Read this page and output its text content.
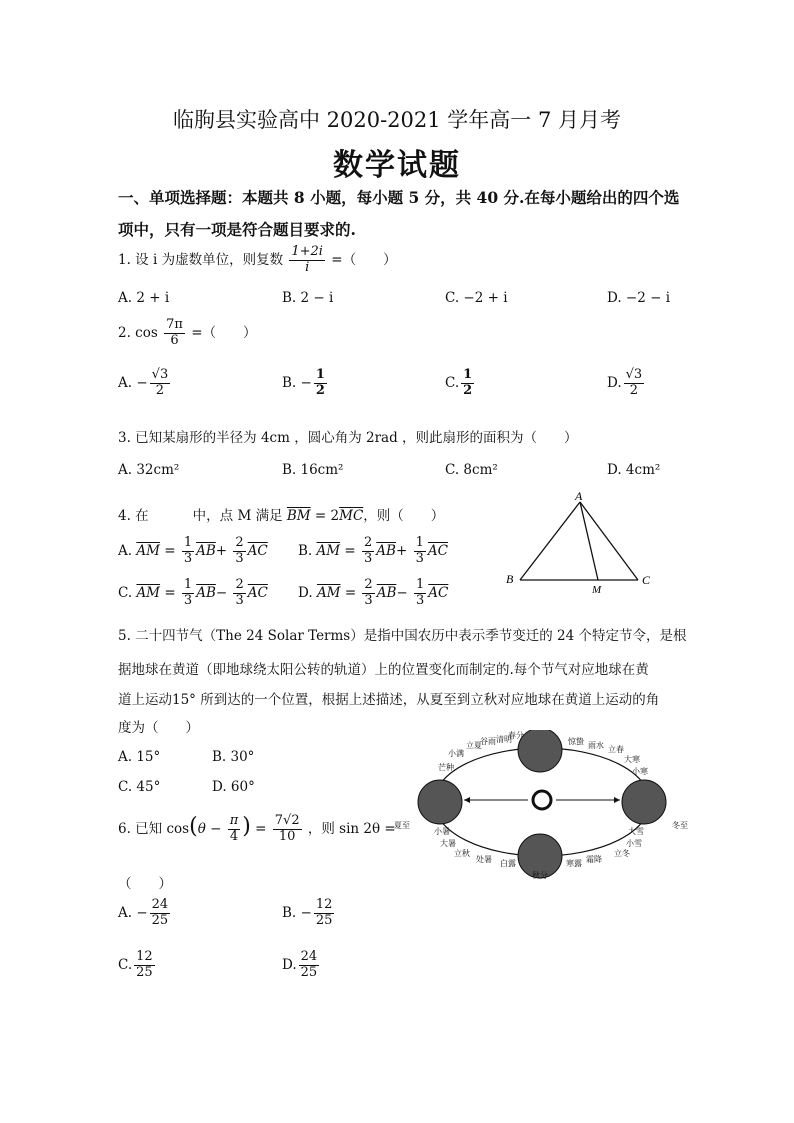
临朐县实验高中 2020-2021 学年高一 7 月月考
数学试题
一、单项选择题：本题共 8 小题，每小题 5 分，共 40 分.在每小题给出的四个选
项中，只有一项是符合题目要求的.
1. 设 i 为虚数单位，则复数 $\frac{1+2i}{i}$ =（　　）
A. 2 + i	B. 2 − i	C. −2 + i	D. −2 − i
2. $\cos \frac{7\pi}{6}$ =（　　）
A. − $\frac{√3}{2}$	B. − $\frac{1}{2}$	C. $\frac{1}{2}$	D. $\frac{√3}{2}$
3. 已知某扇形的半径为 4cm ，圆心角为 2rad ，则此扇形的面积为（　　）
A. 32cm²	B. 16cm²	C. 8cm²	D. 4cm²
4. 在	中，点 M 满足 $\overline{BM} = 2\overline{MC}$，则（　　）
A. $\overline{AM} = \frac{1}{3} \overline{AB}+ \frac{2}{3} \overline{AC}$ B. $\overline{AM} = \frac{2}{3} \overline{AB}+ \frac{1}{3} \overline{AC}$
C. $\overline{AM} = \frac{1}{3} \overline{AB}- \frac{2}{3} \overline{AC}$ D. $\overline{AM} = \frac{2}{3} \overline{AB}- \frac{1}{3} \overline{AC}$
A
B	C
M
5. 二十四节气（The 24 Solar Terms）是指中国农历中表示季节变迁的 24 个特定节令，是根
据地球在黄道（即地球绕太阳公转的轨道）上的位置变化而制定的.每个节气对应地球在黄
道上运动15° 所到达的一个位置，根据上述描述，从夏至到立秋对应地球在黄道上运动的角
度为（　　）
A. 15°	B. 30°
C. 45°	D. 60°
春分
秋分
夏至	冬至
芒种
小满
立夏
谷雨 清明	惊蛰 雨水 立春
大寒
小寒
小暑
大暑
立秋
处暑 白露	寒露 霜降
立冬
小雪
大雪
6. 已知 $\cos(\theta - \frac{\pi}{4}$ ) = $\frac{7√2}{10}$ ，则 sin 2θ =
（　　）
A. − $\frac{24}{25}$	B. − $\frac{12}{25}$
C. $\frac{12}{25}$	D. $\frac{24}{25}$
